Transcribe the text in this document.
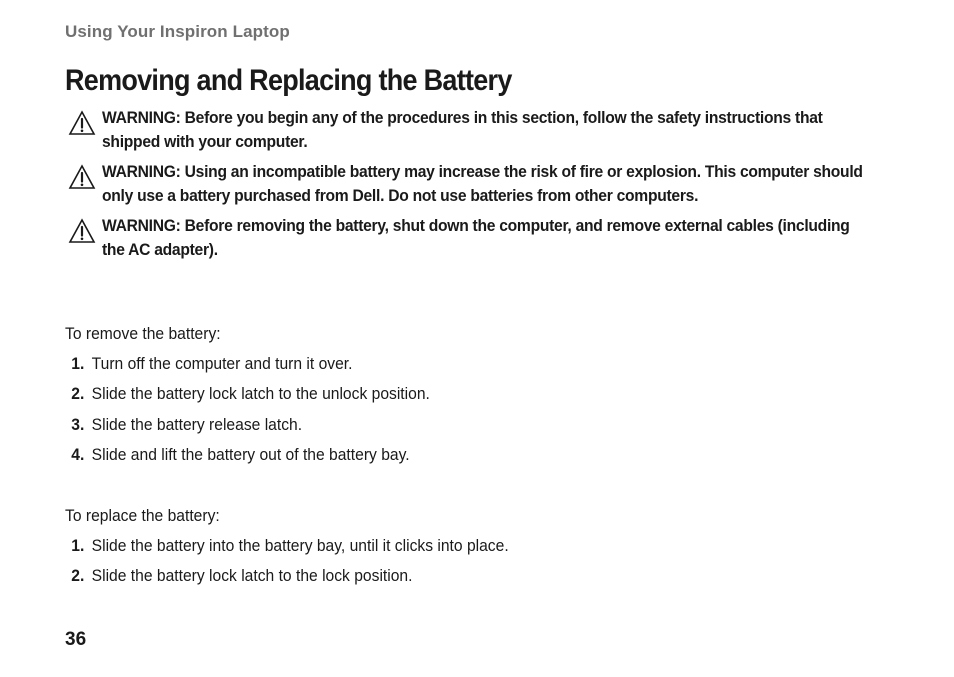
Using Your Inspiron Laptop
Removing and Replacing the Battery
WARNING: Before you begin any of the procedures in this section, follow the safety instructions that shipped with your computer.
WARNING: Using an incompatible battery may increase the risk of fire or explosion. This computer should only use a battery purchased from Dell. Do not use batteries from other computers.
WARNING: Before removing the battery, shut down the computer, and remove external cables (including the AC adapter).

To remove the battery:

1. Turn off the computer and turn it over.
2. Slide the battery lock latch to the unlock position.
3. Slide the battery release latch.
4. Slide and lift the battery out of the battery bay.

To replace the battery:

1. Slide the battery into the battery bay, until it clicks into place.
2. Slide the battery lock latch to the lock position.
36
